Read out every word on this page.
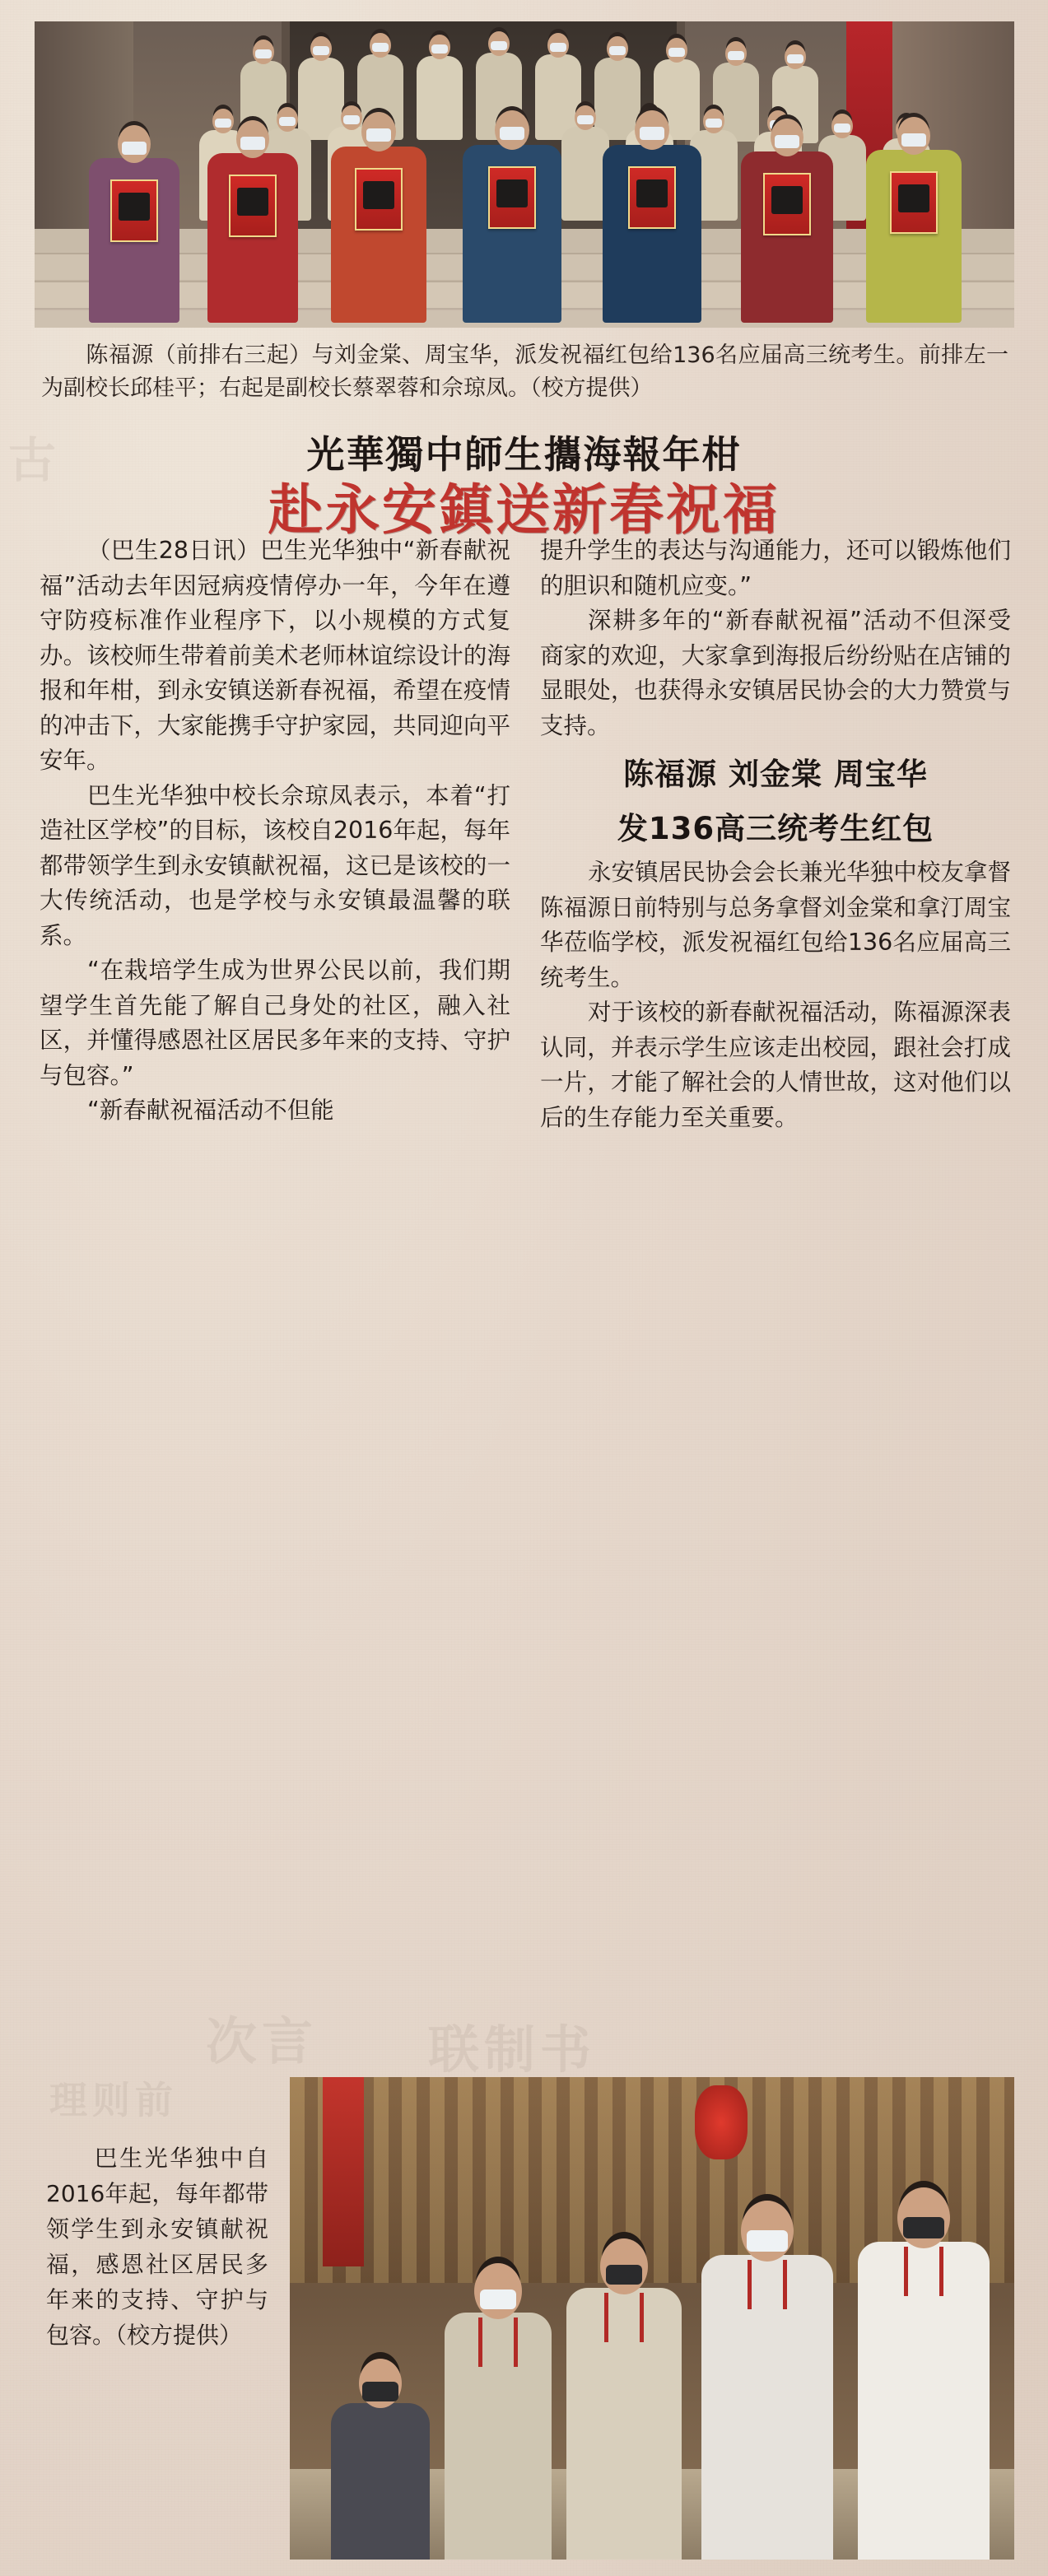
陈福源（前排右三起）与刘金棠、周宝华，派发祝福红包给136名应届高三统考生。前排左一为副校长邱桂平；右起是副校长蔡翠蓉和佘琼凤。（校方提供）
光華獨中師生攜海報年柑
赴永安鎮送新春祝福

（巴生28日讯）巴生光华独中“新春献祝福”活动去年因冠病疫情停办一年，今年在遵守防疫标准作业程序下，以小规模的方式复办。该校师生带着前美术老师林谊综设计的海报和年柑，到永安镇送新春祝福，希望在疫情的冲击下，大家能携手守护家园，共同迎向平安年。

巴生光华独中校长佘琼凤表示，本着“打造社区学校”的目标，该校自2016年起，每年都带领学生到永安镇献祝福，这已是该校的一大传统活动，也是学校与永安镇最温馨的联系。

“在栽培学生成为世界公民以前，我们期望学生首先能了解自己身处的社区，融入社区，并懂得感恩社区居民多年来的支持、守护与包容。”

“新春献祝福活动不但能

提升学生的表达与沟通能力，还可以锻炼他们的胆识和随机应变。”

深耕多年的“新春献祝福”活动不但深受商家的欢迎，大家拿到海报后纷纷贴在店铺的显眼处，也获得永安镇居民协会的大力赞赏与支持。

陈福源 刘金棠 周宝华
发136高三统考生红包

永安镇居民协会会长兼光华独中校友拿督陈福源日前特别与总务拿督刘金棠和拿汀周宝华莅临学校，派发祝福红包给136名应届高三统考生。

对于该校的新春献祝福活动，陈福源深表认同，并表示学生应该走出校园，跟社会打成一片，才能了解社会的人情世故，这对他们以后的生存能力至关重要。

巴生光华独中自2016年起，每年都带领学生到永安镇献祝福，感恩社区居民多年来的支持、守护与包容。（校方提供）
